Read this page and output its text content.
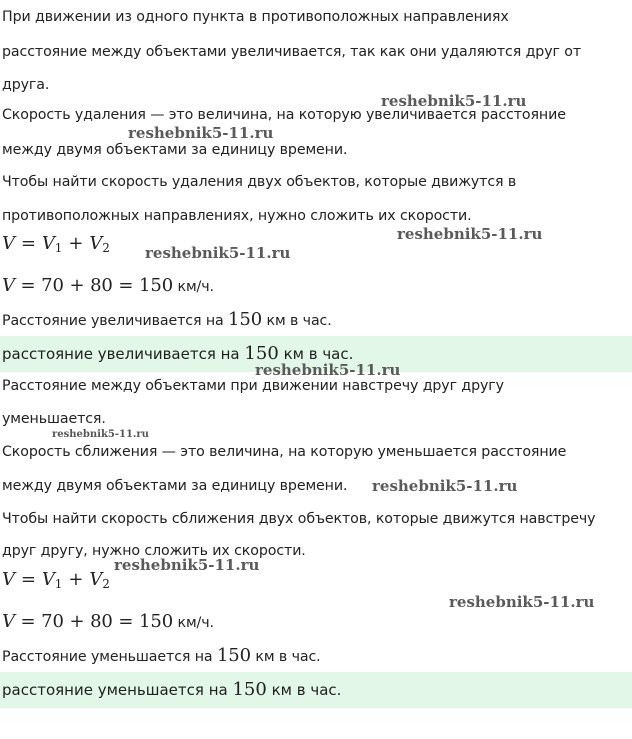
При движении из одного пункта в противоположных направлениях
расстояние между объектами увеличивается, так как они удаляются друг от
друга.
Скорость удаления — это величина, на которую увеличивается расстояние
между двумя объектами за единицу времени.
Чтобы найти скорость удаления двух объектов, которые движутся в
противоположных направлениях, нужно сложить их скорости.
$V = V_1 + V_2$
V = 70 + 80 = 150 км/ч.
Расстояние увеличивается на 150 км в час.
расстояние увеличивается на 150 км в час.
Расстояние между объектами при движении навстречу друг другу
уменьшается.
Скорость сближения — это величина, на которую уменьшается расстояние
между двумя объектами за единицу времени.
Чтобы найти скорость сближения двух объектов, которые движутся навстречу
друг другу, нужно сложить их скорости.
$V = V_1 + V_2$
V = 70 + 80 = 150 км/ч.
Расстояние уменьшается на 150 км в час.
расстояние уменьшается на 150 км в час.
reshebnik5-11.ru
reshebnik5-11.ru
reshebnik5-11.ru
reshebnik5-11.ru
reshebnik5-11.ru
reshebnik5-11.ru
reshebnik5-11.ru
reshebnik5-11.ru
reshebnik5-11.ru
